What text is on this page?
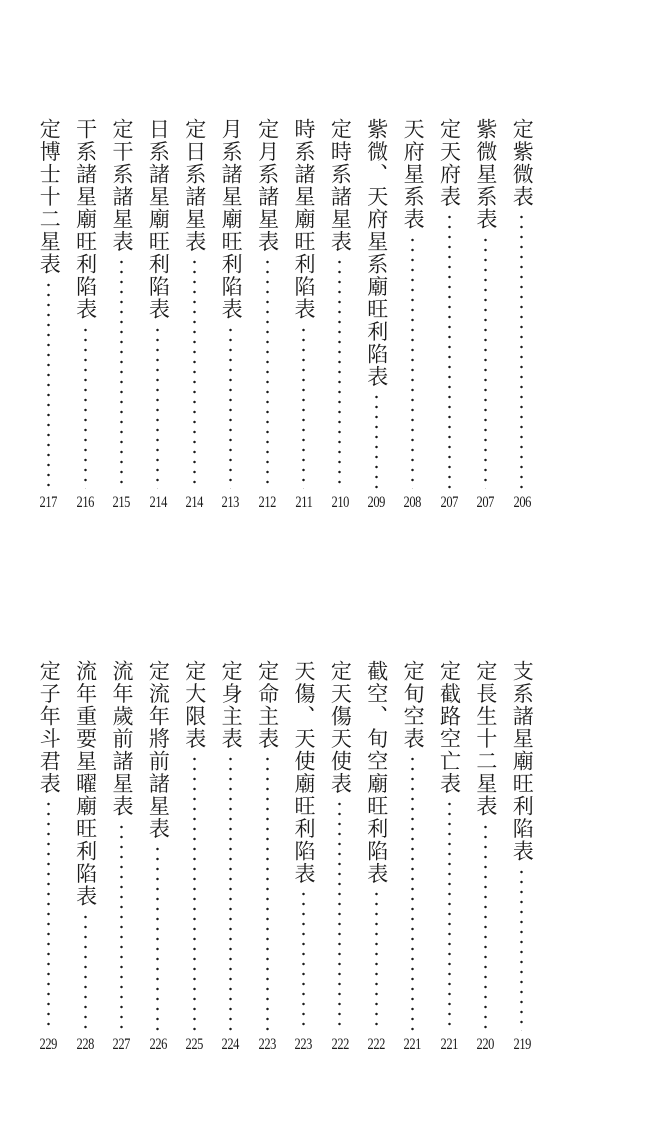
定紫微表
206
紫微星系表
207
定天府表
207
天府星系表
208
紫微、天府星系廟旺利陷表
209
定時系諸星表
210
時系諸星廟旺利陷表
211
定月系諸星表
212
月系諸星廟旺利陷表
213
定日系諸星表
214
日系諸星廟旺利陷表
214
定干系諸星表
215
干系諸星廟旺利陷表
216
定博士十二星表
217
支系諸星廟旺利陷表
219
定長生十二星表
220
定截路空亡表
221
定旬空表
221
截空、旬空廟旺利陷表
222
定天傷天使表
222
天傷、天使廟旺利陷表
223
定命主表
223
定身主表
224
定大限表
225
定流年將前諸星表
226
流年歲前諸星表
227
流年重要星曜廟旺利陷表
228
定子年斗君表
229
